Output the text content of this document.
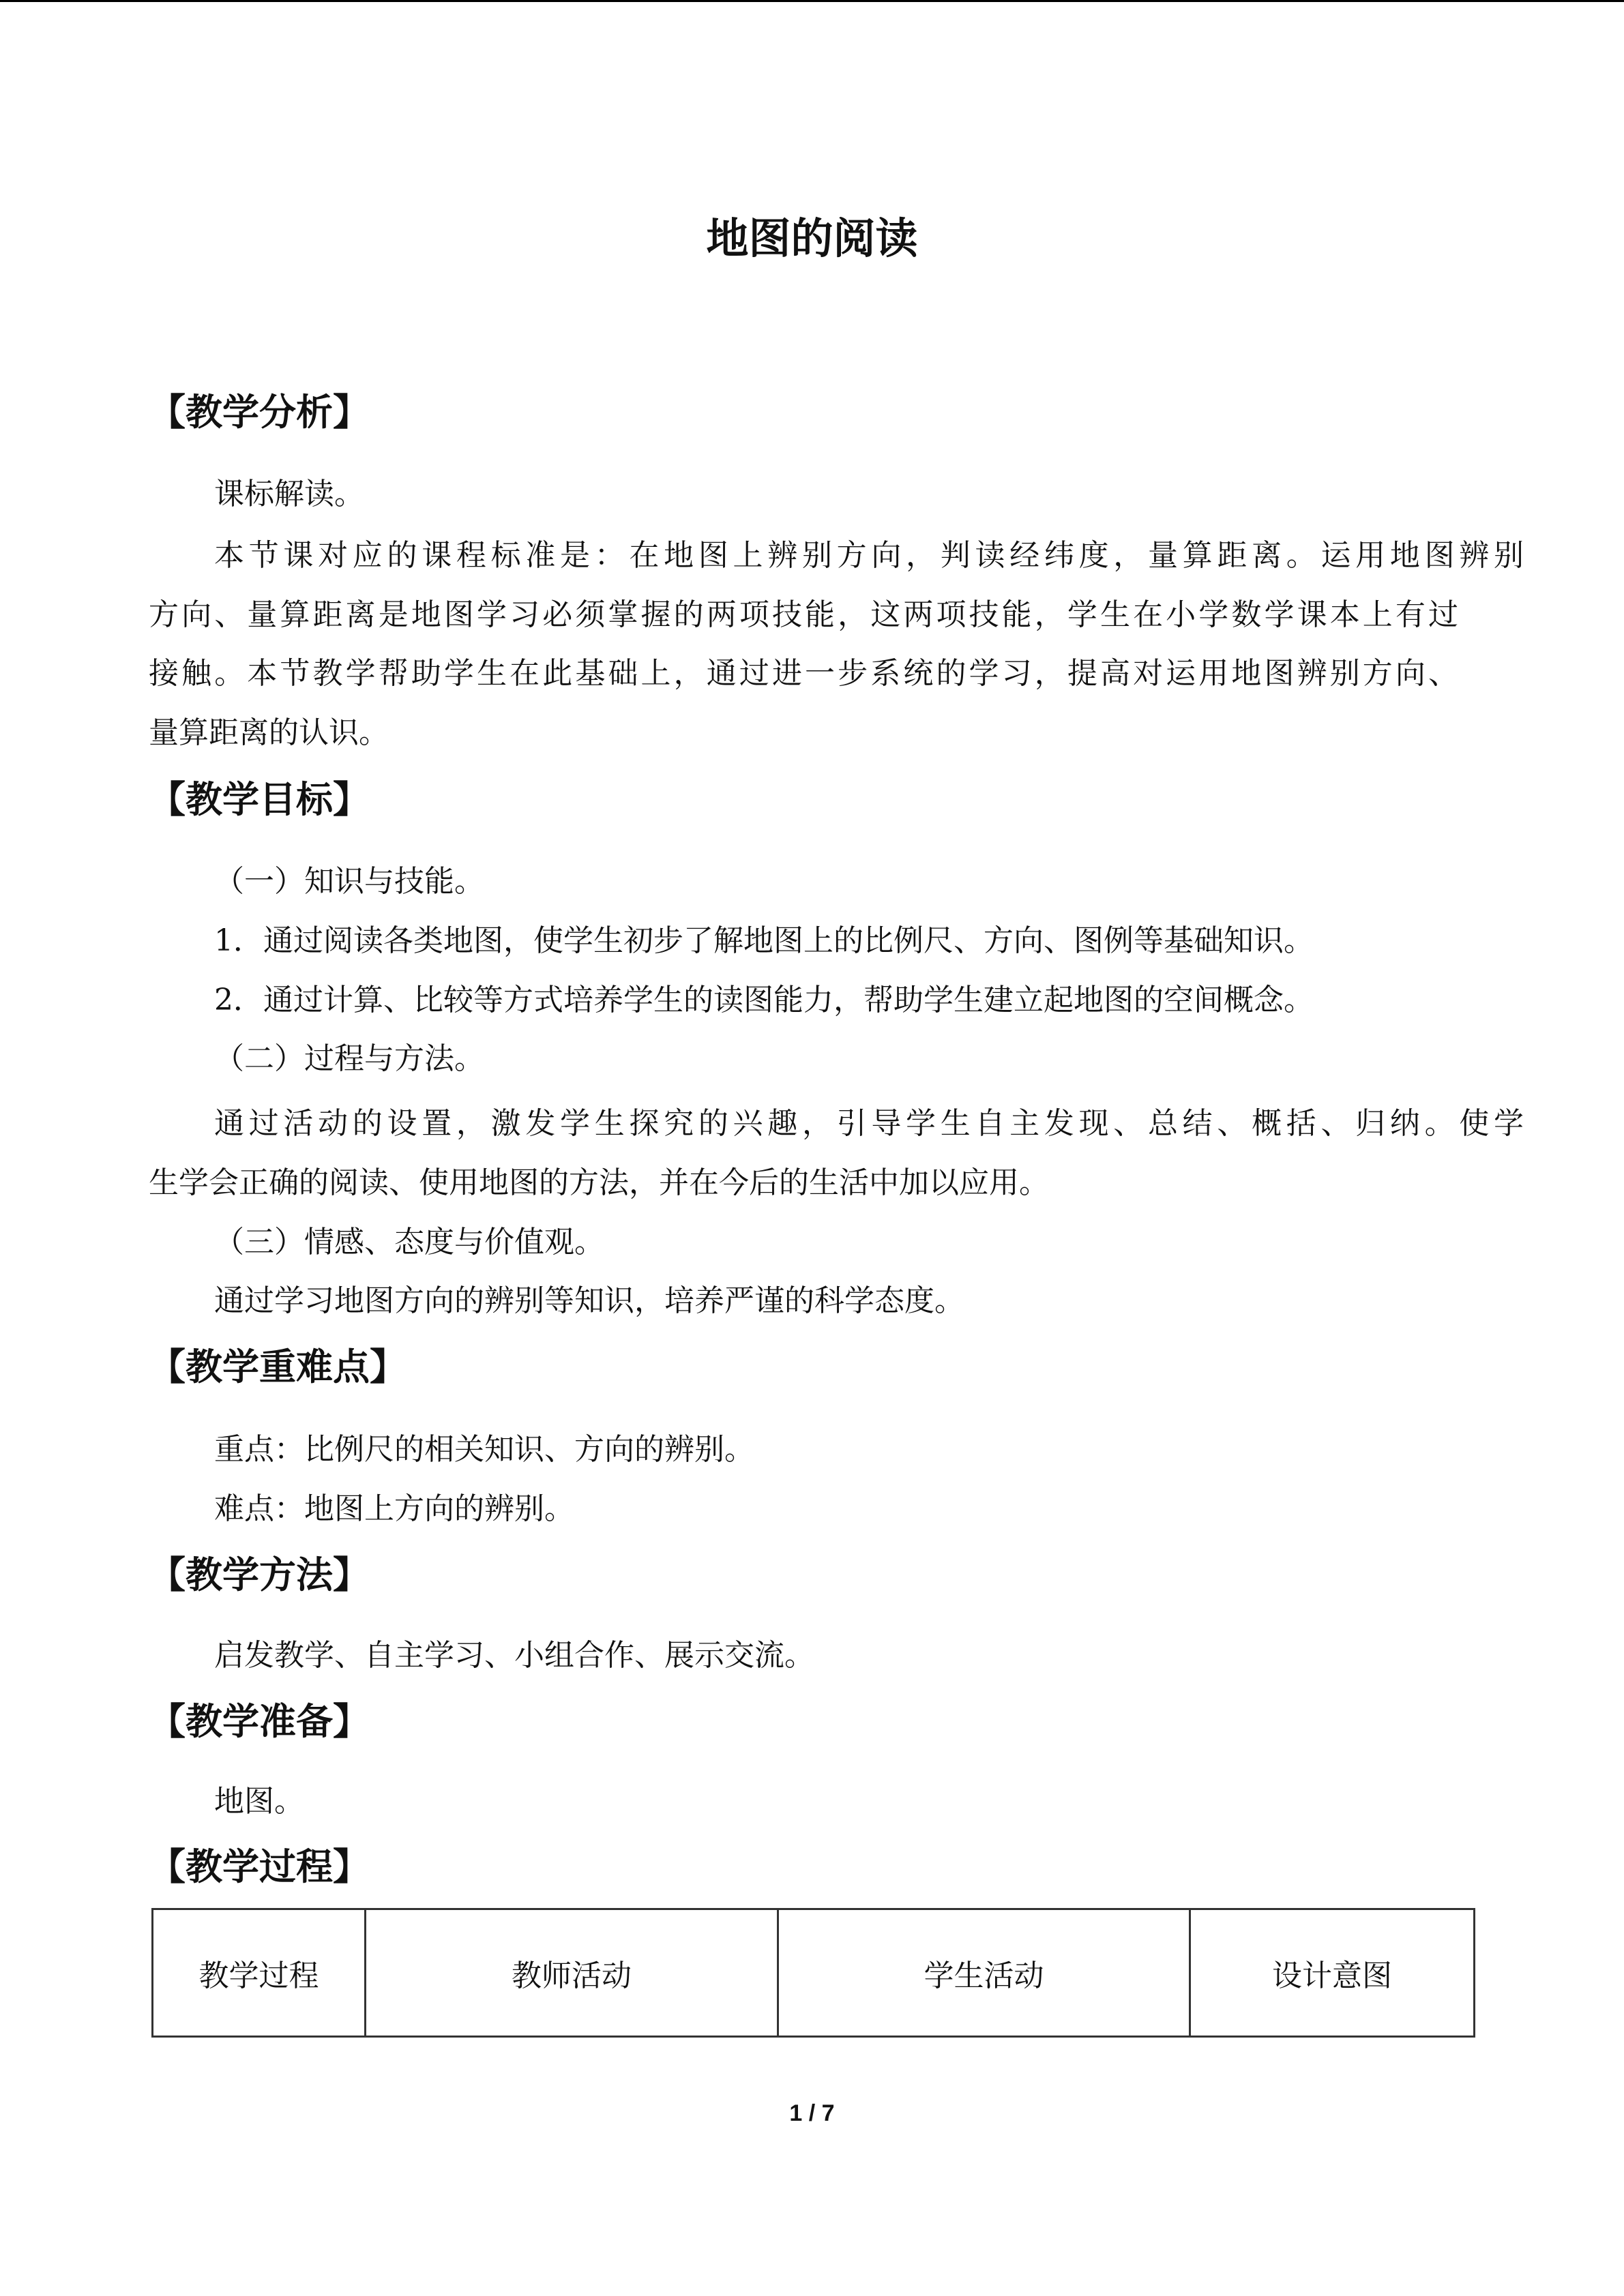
地图的阅读
【教学分析】
课标解读。
本节课对应的课程标准是：在地图上辨别方向，判读经纬度，量算距离。运用地图辨别
方向、量算距离是地图学习必须掌握的两项技能，这两项技能，学生在小学数学课本上有过
接触。本节教学帮助学生在此基础上，通过进一步系统的学习，提高对运用地图辨别方向、
量算距离的认识。
【教学目标】
（一）知识与技能。
1．通过阅读各类地图，使学生初步了解地图上的比例尺、方向、图例等基础知识。
2．通过计算、比较等方式培养学生的读图能力，帮助学生建立起地图的空间概念。
（二）过程与方法。
通过活动的设置，激发学生探究的兴趣，引导学生自主发现、总结、概括、归纳。使学
生学会正确的阅读、使用地图的方法，并在今后的生活中加以应用。
（三）情感、态度与价值观。
通过学习地图方向的辨别等知识，培养严谨的科学态度。
【教学重难点】
重点：比例尺的相关知识、方向的辨别。
难点：地图上方向的辨别。
【教学方法】
启发教学、自主学习、小组合作、展示交流。
【教学准备】
地图。
【教学过程】
教学过程	教师活动	学生活动	设计意图
1 / 7
